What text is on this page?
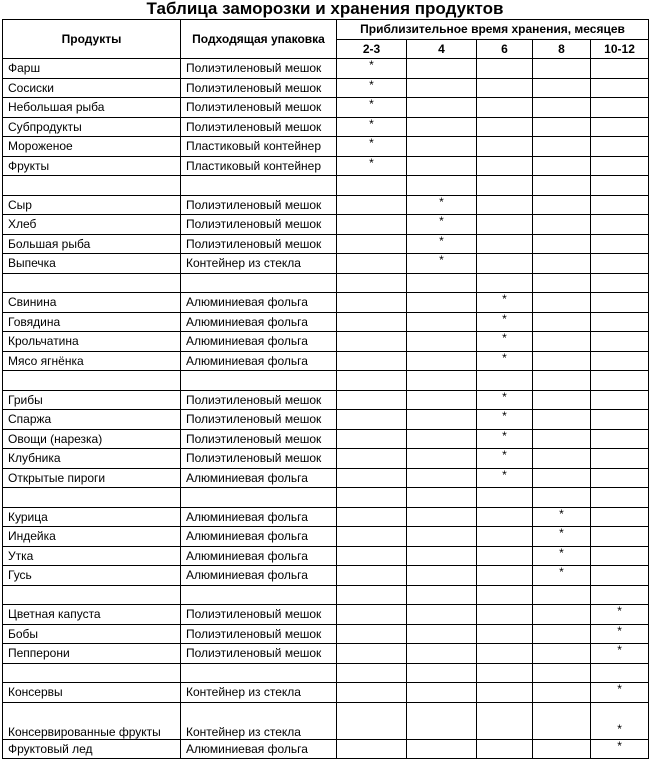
Таблица заморозки и хранения продуктов
Продукты	Подходящая упаковка	Приблизительное время хранения, месяцев				
		2-3	4	6	8	10-12
Фарш	Полиэтиленовый мешок	*				
Сосиски	Полиэтиленовый мешок	*				
Небольшая рыба	Полиэтиленовый мешок	*				
Субпродукты	Полиэтиленовый мешок	*				
Мороженое	Пластиковый контейнер	*				
Фрукты	Пластиковый контейнер	*				

Сыр	Полиэтиленовый мешок		*			
Хлеб	Полиэтиленовый мешок		*			
Большая рыба	Полиэтиленовый мешок		*			
Выпечка	Контейнер из стекла		*			

Свинина	Алюминиевая фольга			*		
Говядина	Алюминиевая фольга			*		
Крольчатина	Алюминиевая фольга			*		
Мясо ягнёнка	Алюминиевая фольга			*		

Грибы	Полиэтиленовый мешок			*		
Спаржа	Полиэтиленовый мешок			*		
Овощи (нарезка)	Полиэтиленовый мешок			*		
Клубника	Полиэтиленовый мешок			*		
Открытые пироги	Алюминиевая фольга			*		

Курица	Алюминиевая фольга				*	
Индейка	Алюминиевая фольга				*	
Утка	Алюминиевая фольга				*	
Гусь	Алюминиевая фольга				*	

Цветная капуста	Полиэтиленовый мешок					*
Бобы	Полиэтиленовый мешок					*
Пепперони	Полиэтиленовый мешок					*

Консервы	Контейнер из стекла					*
Консервированные фрукты	Контейнер из стекла					*
Фруктовый лед	Алюминиевая фольга					*
